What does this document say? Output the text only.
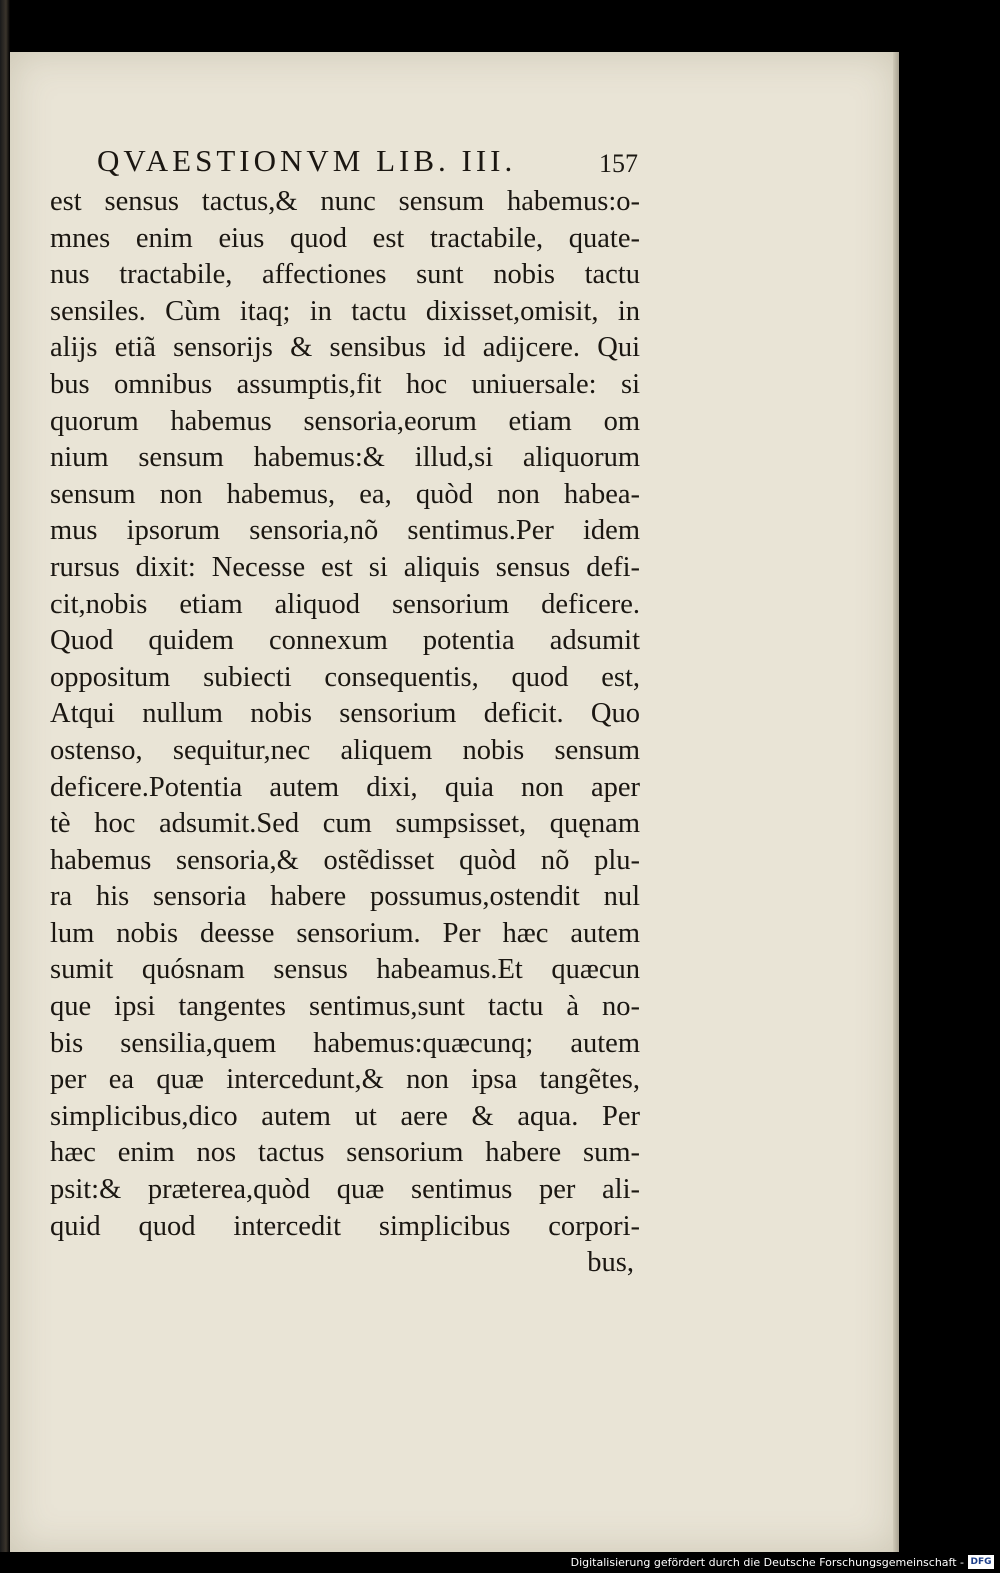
QVAESTIONVM LIB. III.	157
est sensus tactus,& nunc sensum habemus:o-
mnes enim eius quod est tractabile, quate-
nus tractabile, affectiones sunt nobis tactu
sensiles. Cùm itaq; in tactu dixisset,omisit, in
alijs etiã sensorijs & sensibus id adijcere. Qui
bus omnibus assumptis,fit hoc uniuersale: si
quorum habemus sensoria,eorum etiam om
nium sensum habemus:& illud,si aliquorum
sensum non habemus, ea, quòd non habea-
mus ipsorum sensoria,nõ sentimus.Per idem
rursus dixit: Necesse est si aliquis sensus defi-
cit,nobis etiam aliquod sensorium deficere.
Quod quidem connexum potentia adsumit
oppositum subiecti consequentis, quod est,
Atqui nullum nobis sensorium deficit. Quo
ostenso, sequitur,nec aliquem nobis sensum
deficere.Potentia autem dixi, quia non aper
tè hoc adsumit.Sed cum sumpsisset, quęnam
habemus sensoria,& ostẽdisset quòd nõ plu-
ra his sensoria habere possumus,ostendit nul
lum nobis deesse sensorium. Per hæc autem
sumit quósnam sensus habeamus.Et quæcun
que ipsi tangentes sentimus,sunt tactu à no-
bis sensilia,quem habemus:quæcunq; autem
per ea quæ intercedunt,& non ipsa tangẽtes,
simplicibus,dico autem ut aere & aqua. Per
hæc enim nos tactus sensorium habere sum-
psit:& præterea,quòd quæ sentimus per ali-
quid quod intercedit simplicibus corpori-
bus,
Digitalisierung gefördert durch die Deutsche Forschungsgemeinschaft - DFG
